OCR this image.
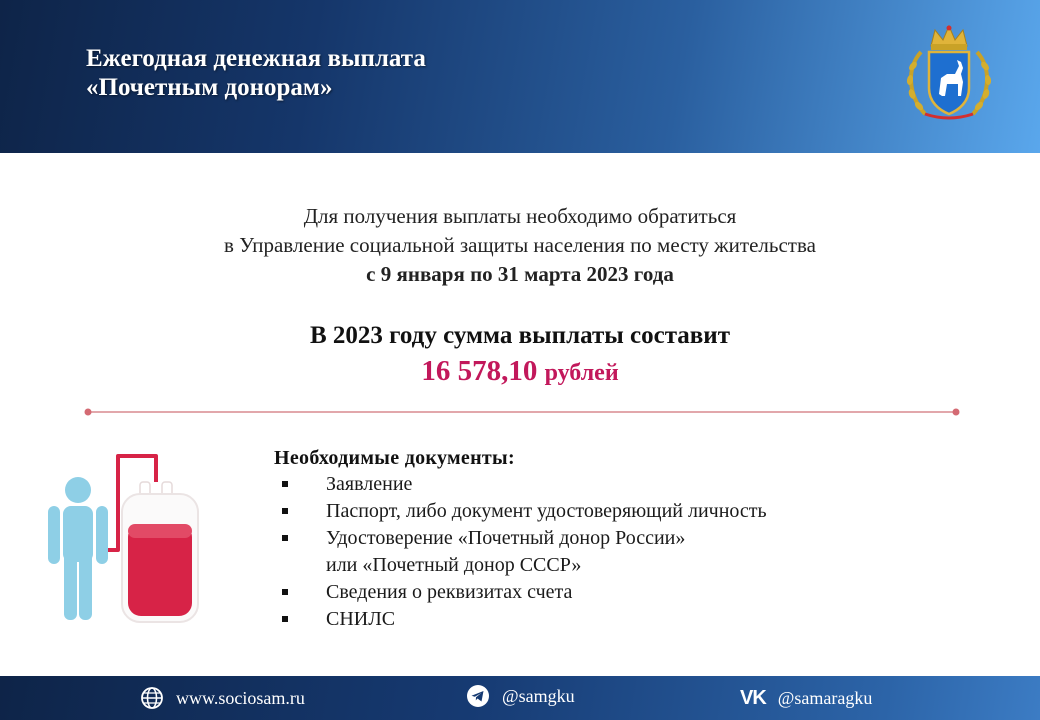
Ежегодная денежная выплата
«Почетным донорам»
Для получения выплаты необходимо обратиться
в Управление социальной защиты населения по месту жительства
с 9 января по 31 марта 2023 года
В 2023 году сумма выплаты составит
16 578,10 рублей
Необходимые документы:
Заявление
Паспорт, либо документ удостоверяющий личность
Удостоверение «Почетный донор России»
или «Почетный донор СССР»
Сведения о реквизитах счета
СНИЛС
www.sociosam.ru	@samgku	VK @samaragku
